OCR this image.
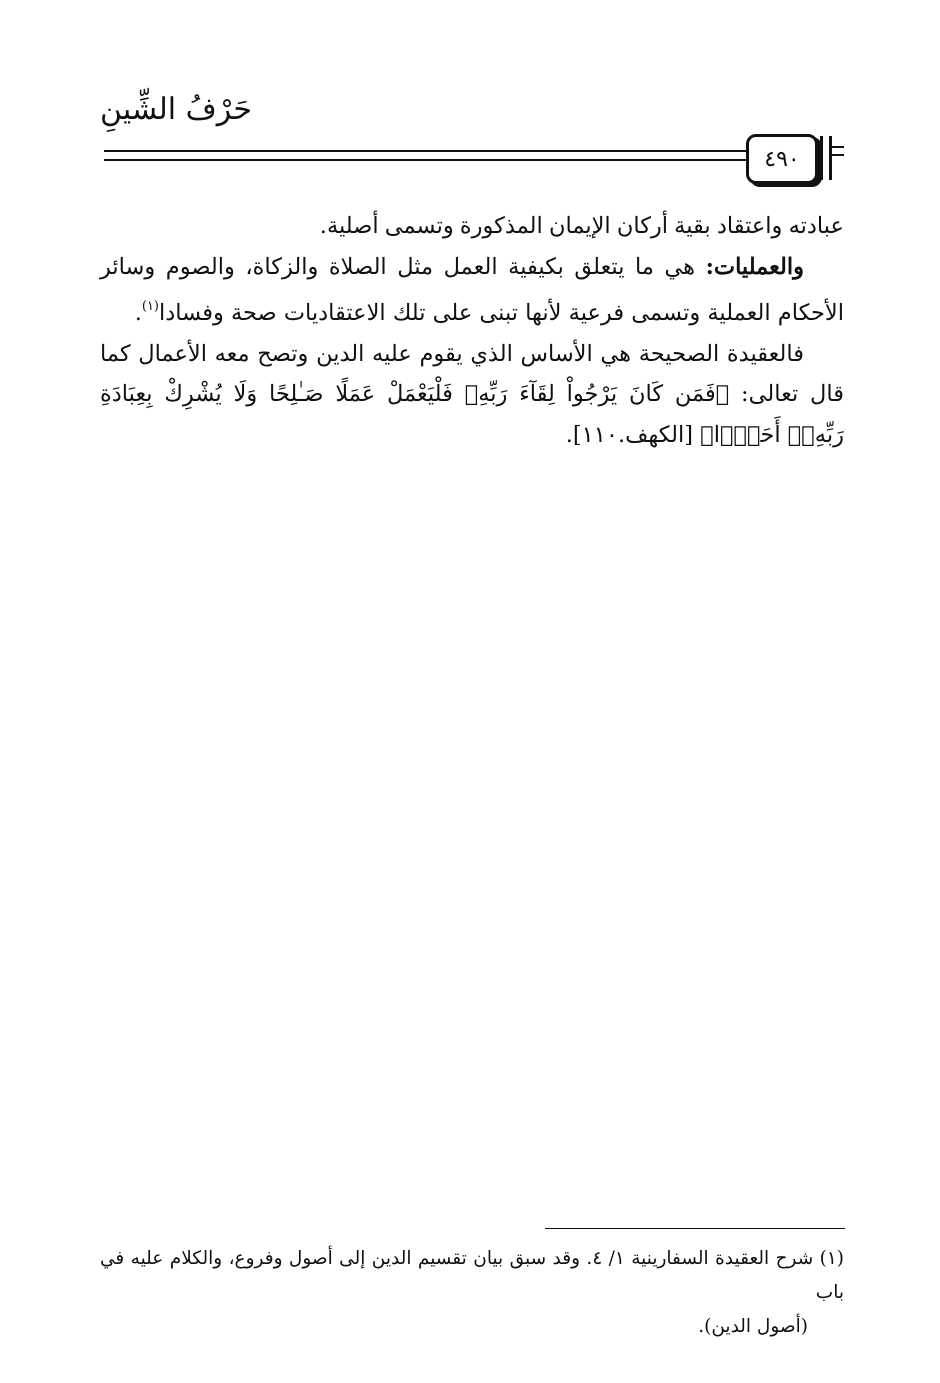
حَرْفُ الشِّينِ
٤٩٠

عبادته واعتقاد بقية أركان الإيمان المذكورة وتسمى أصلية.

والعمليات: هي ما يتعلق بكيفية العمل مثل الصلاة والزكاة، والصوم وسائر الأحكام العملية وتسمى فرعية لأنها تبنى على تلك الاعتقاديات صحة وفسادا$^{(١)}$.

فالعقيدة الصحيحة هي الأساس الذي يقوم عليه الدين وتصح معه الأعمال كما قال تعالى: ﴿فَمَن كَانَ يَرْجُواْ لِقَآءَ رَبِّهِۦ فَلْيَعْمَلْ عَمَلًا صَـٰلِحًا وَلَا يُشْرِكْ بِعِبَادَةِ رَبِّهِۦٓ أَحَدًۢا﴾ [الكهف.١١٠].

(١) شرح العقيدة السفارينية ١/ ٤. وقد سبق بيان تقسيم الدين إلى أصول وفروع، والكلام عليه في باب

(أصول الدين).
